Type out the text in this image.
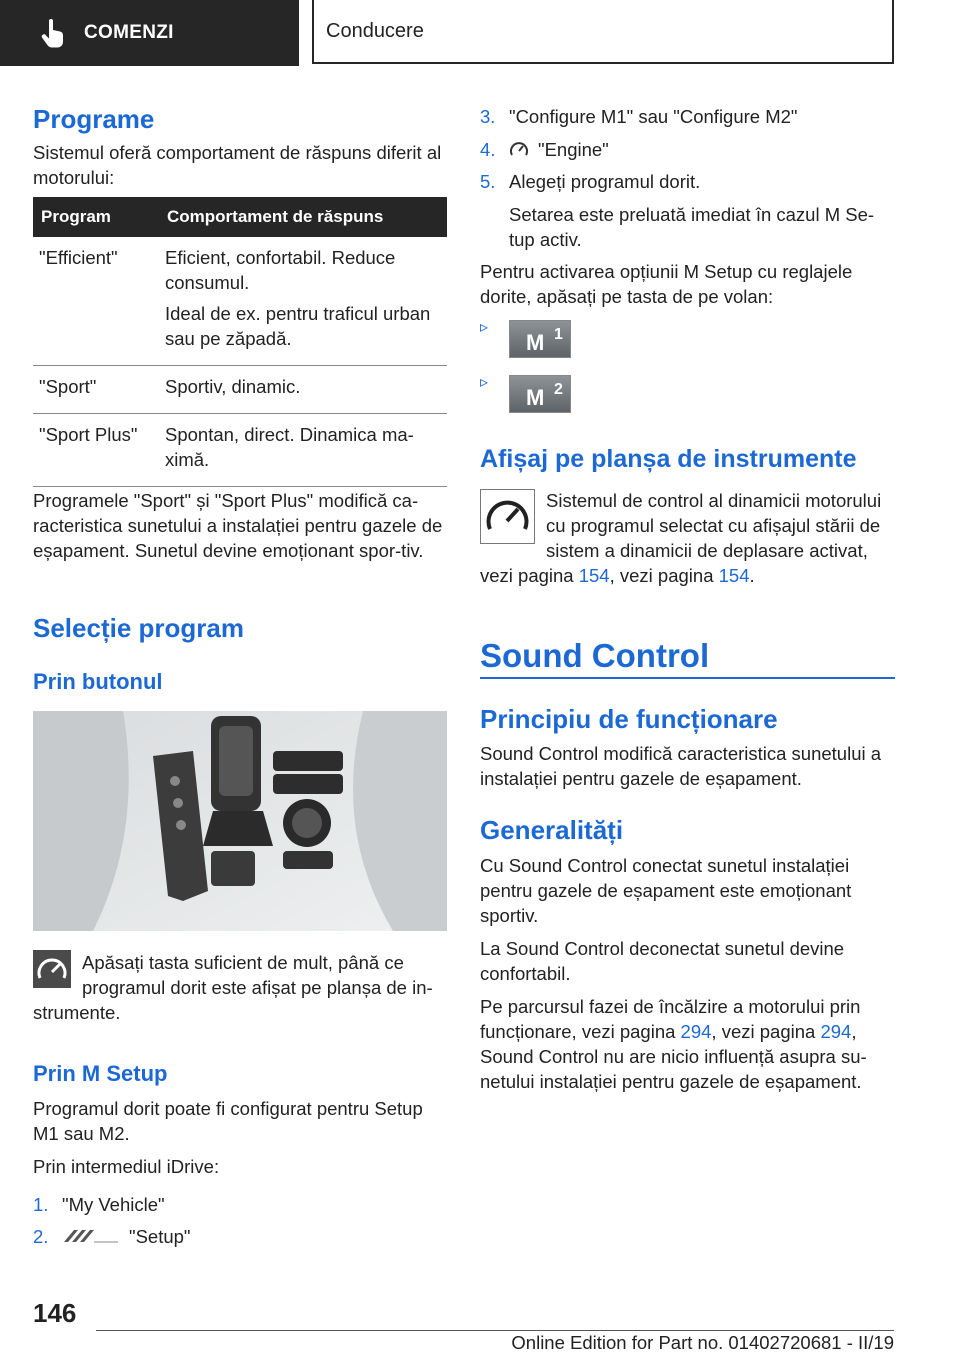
COMENZI	Conducere
Programe

Sistemul oferă comportament de răspuns diferit al motorului:

Program	Comportament de răspuns
"Efficient"	Eficient, confortabil. Reduce consumul.

Ideal de ex. pentru traficul urban sau pe zăpadă.

"Sport"	Sportiv, dinamic.

"Sport Plus"	Spontan, direct. Dinamica ma-ximă.

Programele "Sport" și "Sport Plus" modifică ca-racteristica sunetului a instalației pentru gazele de eșapament. Sunetul devine emoționant spor-tiv.

Selecție program
Prin butonul

Apăsați tasta suficient de mult, până ce

programul dorit este afișat pe planșa de in-

strumente.

Prin M Setup

Programul dorit poate fi configurat pentru Setup M1 sau M2.

Prin intermediul iDrive:

1. "My Vehicle"
2.	"Setup"
3. "Configure M1" sau "Configure M2"
4. "Engine"
5. Alegeți programul dorit.

Setarea este preluată imediat în cazul M Se-

tup activ.

Pentru activarea opțiunii M Setup cu reglajele dorite, apăsați pe tasta de pe volan:

▹
M 1
▹
M 2
Afișaj pe planșa de instrumente

Sistemul de control al dinamicii motorului

cu programul selectat cu afișajul stării de

sistem a dinamicii de deplasare activat,

vezi pagina 154, vezi pagina 154.

Sound Control
Principiu de funcționare

Sound Control modifică caracteristica sunetului a instalației pentru gazele de eșapament.

Generalități

Cu Sound Control conectat sunetul instalației pentru gazele de eșapament este emoționant sportiv.

La Sound Control deconectat sunetul devine confortabil.

Pe parcursul fazei de încălzire a motorului prin

funcționare, vezi pagina 294, vezi pagina 294,

Sound Control nu are nicio influență asupra su-

netului instalației pentru gazele de eșapament.

146
Online Edition for Part no. 01402720681 - II/19
